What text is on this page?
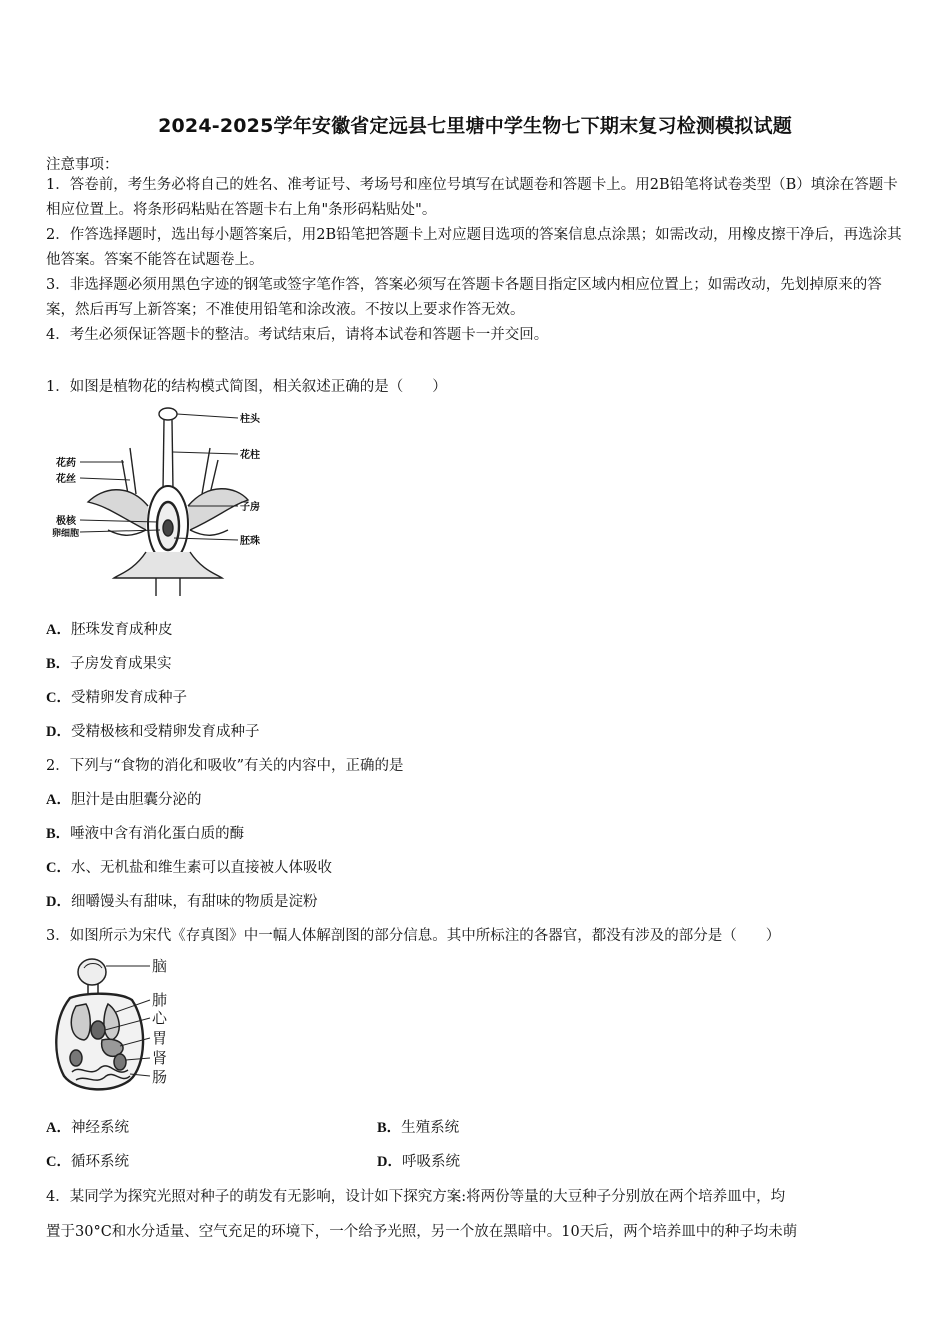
2024-2025学年安徽省定远县七里塘中学生物七下期末复习检测模拟试题
注意事项：
1．答卷前，考生务必将自己的姓名、准考证号、考场号和座位号填写在试题卷和答题卡上。用2B铅笔将试卷类型（B）填涂在答题卡相应位置上。将条形码粘贴在答题卡右上角"条形码粘贴处"。
2．作答选择题时，选出每小题答案后，用2B铅笔把答题卡上对应题目选项的答案信息点涂黑；如需改动，用橡皮擦干净后，再选涂其他答案。答案不能答在试题卷上。
3．非选择题必须用黑色字迹的钢笔或签字笔作答，答案必须写在答题卡各题目指定区域内相应位置上；如需改动，先划掉原来的答案，然后再写上新答案；不准使用铅笔和涂改液。不按以上要求作答无效。
4．考生必须保证答题卡的整洁。考试结束后，请将本试卷和答题卡一并交回。
1．如图是植物花的结构模式简图，相关叙述正确的是（　　）
柱头
花柱
花药
花丝
子房
胚珠
极核
卵细胞
A．胚珠发育成种皮
B．子房发育成果实
C．受精卵发育成种子
D．受精极核和受精卵发育成种子
2．下列与“食物的消化和吸收”有关的内容中，正确的是
A．胆汁是由胆囊分泌的
B．唾液中含有消化蛋白质的酶
C．水、无机盐和维生素可以直接被人体吸收
D．细嚼馒头有甜味，有甜味的物质是淀粉
3．如图所示为宋代《存真图》中一幅人体解剖图的部分信息。其中所标注的各器官，都没有涉及的部分是（　　）
脑
肺
心
胃
肾
肠
A．神经系统	B．生殖系统
C．循环系统	D．呼吸系统
4．某同学为探究光照对种子的萌发有无影响，设计如下探究方案:将两份等量的大豆种子分别放在两个培养皿中，均
置于30°C和水分适量、空气充足的环境下，一个给予光照，另一个放在黑暗中。10天后，两个培养皿中的种子均未萌
